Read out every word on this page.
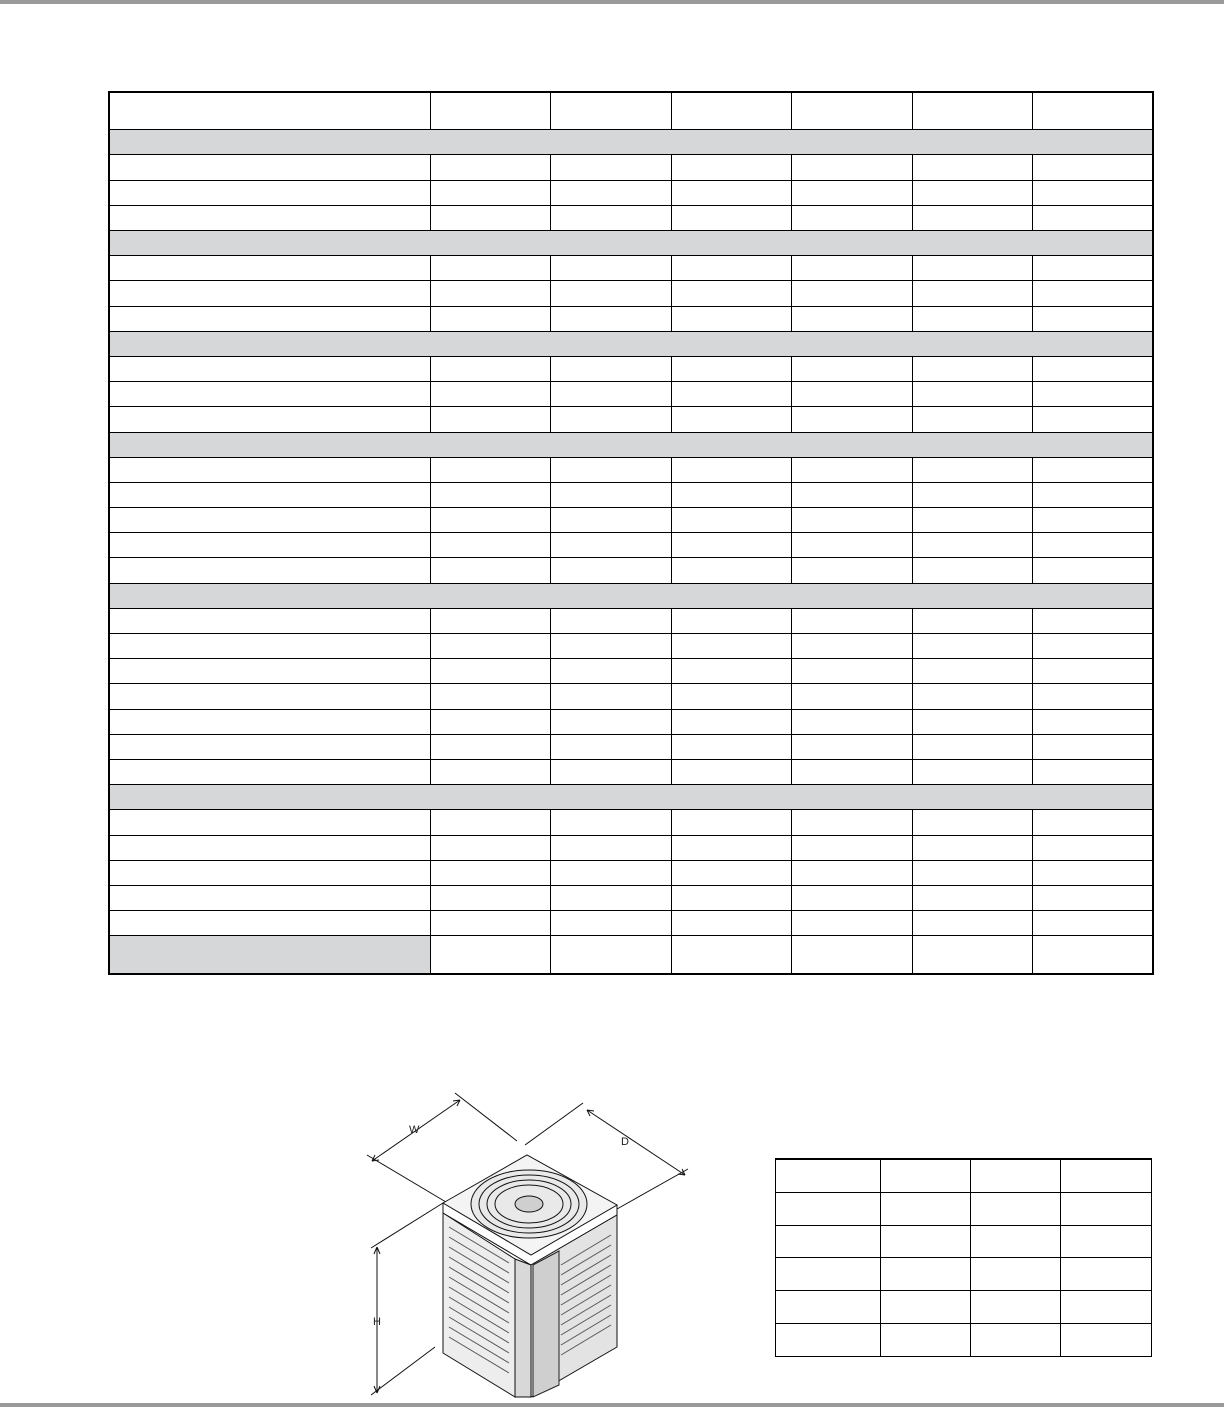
W
D
H
